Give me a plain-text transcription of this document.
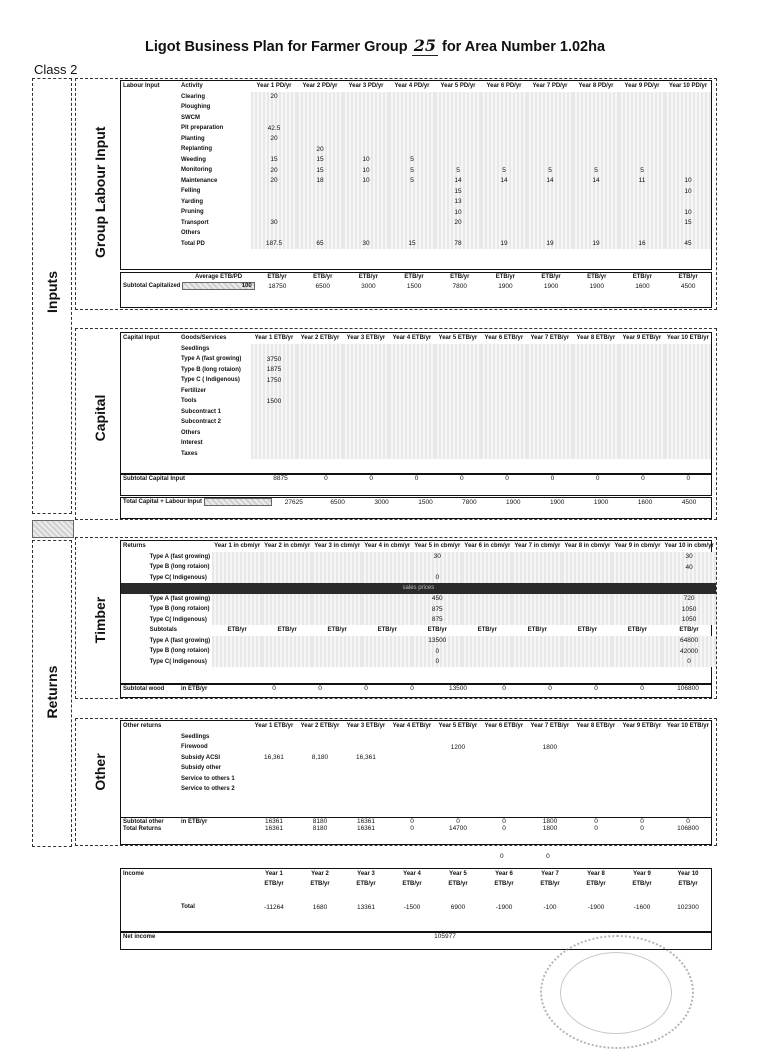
Ligot Business Plan for Farmer Group 25 for Area Number 1.02ha
Class 2
Inputs
Returns
Group Labour Input
Capital
Timber
Other
Labour Input	Activity	Year 1 PD/yr	Year 2 PD/yr	Year 3 PD/yr	Year 4 PD/yr	Year 5 PD/yr	Year 6 PD/yr	Year 7 PD/yr	Year 8 PD/yr	Year 9 PD/yr	Year 10 PD/yr
	Clearing	20									
	Ploughing										
	SWCM										
	Pit preparation	42.5									
	Planting	20									
	Replanting		20								
	Weeding	15	15	10	5						
	Monitoring	20	15	10	5	5	5	5	5	5	
	Maintenance	20	18	10	5	14	14	14	14	11	10
	Felling					15					10
	Yarding					13					
	Pruning					10					10
	Transport	30				20					15
	Others										
	Total PD	187.5	65	30	15	78	19	19	19	16	45
	Average ETB/PD	ETB/yr	ETB/yr	ETB/yr	ETB/yr	ETB/yr	ETB/yr	ETB/yr	ETB/yr	ETB/yr	ETB/yr
Subtotal Capitalized	100	18750	6500	3000	1500	7800	1900	1900	1900	1600	4500
Capital Input	Goods/Services	Year 1 ETB/yr	Year 2 ETB/yr	Year 3 ETB/yr	Year 4 ETB/yr	Year 5 ETB/yr	Year 6 ETB/yr	Year 7 ETB/yr	Year 8 ETB/yr	Year 9 ETB/yr	Year 10 ETB/yr
	Seedlings										
	Type A (fast growing)	3750									
	Type B (long rotaion)	1875									
	Type C ( Indigenous)	1750									
	Fertilizer										
	Tools	1500									
	Subcontract 1										
	Subcontract 2										
	Others										
	Interest										
	Taxes										
Subtotal Capital Input		8875	0	0	0	0	0	0	0	0	0
Total Capital + Labour Input		27625	6500	3000	1500	7800	1900	1900	1900	1600	4500
Returns		Year 1 in cbm/yr	Year 2 in cbm/yr	Year 3 in cbm/yr	Year 4 in cbm/yr	Year 5 in cbm/yr	Year 6 in cbm/yr	Year 7 in cbm/yr	Year 8 in cbm/yr	Year 9 in cbm/yr	Year 10 in cbm/yr
	Type A (fast growing)					30					30
	Type B (long rotaion)										40
	Type C( Indigenous)					0					
sales prices											
	Type A (fast growing)					450					720
	Type B (long rotaion)					875					1050
	Type C( Indigenous)					875					1050
	Subtotals	ETB/yr	ETB/yr	ETB/yr	ETB/yr	ETB/yr	ETB/yr	ETB/yr	ETB/yr	ETB/yr	ETB/yr
	Type A (fast growing)					13500					64800
	Type B (long rotaion)					0					42000
	Type C( Indigenous)					0					0
Subtotal wood	in ETB/yr	0	0	0	0	13500	0	0	0	0	106800
Other returns		Year 1 ETB/yr	Year 2 ETB/yr	Year 3 ETB/yr	Year 4 ETB/yr	Year 5 ETB/yr	Year 6 ETB/yr	Year 7 ETB/yr	Year 8 ETB/yr	Year 9 ETB/yr	Year 10 ETB/yr
	Seedlings										
	Firewood					1200		1800			
	Subsidy ACSI	16,361	8,180	16,361							
	Subsidy other										
	Service to others 1										
	Service to others 2										
Subtotal other	in ETB/yr	16361	8180	16361	0	0	0	1800	0	0	0
Total Returns		16361	8180	16361	0	14700	0	1800	0	0	106800
							0	0			
Income		Year 1	Year 2	Year 3	Year 4	Year 5	Year 6	Year 7	Year 8	Year 9	Year 10
		ETB/yr	ETB/yr	ETB/yr	ETB/yr	ETB/yr	ETB/yr	ETB/yr	ETB/yr	ETB/yr	ETB/yr

	Total	-11264	1680	13361	-1500	6900	-1900	-100	-1900	-1600	102300
Net income	105977
